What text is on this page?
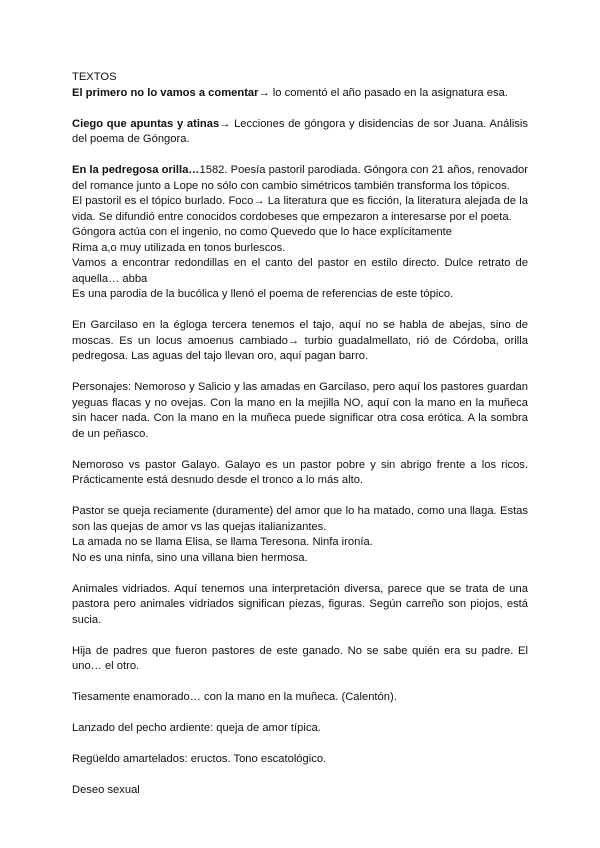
TEXTOS
El primero no lo vamos a comentar→ lo comentó el año pasado en la asignatura esa.
Ciego que apuntas y atinas→ Lecciones de góngora y disidencias de sor Juana. Análisis del poema de Góngora.
En la pedregosa orilla…1582. Poesía pastoril parodiada. Góngora con 21 años, renovador del romance junto a Lope no sólo con cambio simétricos también transforma los tópicos.
El pastoril es el tópico burlado. Foco→ La literatura que es ficción, la literatura alejada de la vida. Se difundió entre conocidos cordobeses que empezaron a interesarse por el poeta.
Góngora actúa con el ingenio, no como Quevedo que lo hace explícitamente
Rima a,o muy utilizada en tonos burlescos.
Vamos a encontrar redondillas en el canto del pastor en estilo directo. Dulce retrato de aquella… abba
Es una parodia de la bucólica y llenó el poema de referencias de este tópico.
En Garcilaso en la égloga tercera tenemos el tajo, aquí no se habla de abejas, sino de moscas. Es un locus amoenus cambiado→ turbio guadalmellato, rió de Córdoba, orilla pedregosa. Las aguas del tajo llevan oro, aquí pagan barro.
Personajes: Nemoroso y Salicio y las amadas en Garcilaso, pero aquí los pastores guardan yeguas flacas y no ovejas. Con la mano en la mejilla NO, aquí con la mano en la muñeca sin hacer nada. Con la mano en la muñeca puede significar otra cosa erótica. A la sombra de un peñasco.
Nemoroso vs pastor Galayo. Galayo es un pastor pobre y sin abrigo frente a los ricos. Prácticamente está desnudo desde el tronco a lo más alto.
Pastor se queja reciamente (duramente) del amor que lo ha matado, como una llaga. Estas son las quejas de amor vs las quejas italianizantes.
La amada no se llama Elisa, se llama Teresona. Ninfa ironía.
No es una ninfa, sino una villana bien hermosa.
Animales vidriados. Aquí tenemos una interpretación diversa, parece que se trata de una pastora pero animales vidriados significan piezas, figuras. Según carreño son piojos, está sucia.
Hija de padres que fueron pastores de este ganado. No se sabe quién era su padre. El uno… el otro.
Tiesamente enamorado… con la mano en la muñeca. (Calentón).
Lanzado del pecho ardiente: queja de amor típica.
Regüeldo amartelados: eructos. Tono escatológico.
Deseo sexual
